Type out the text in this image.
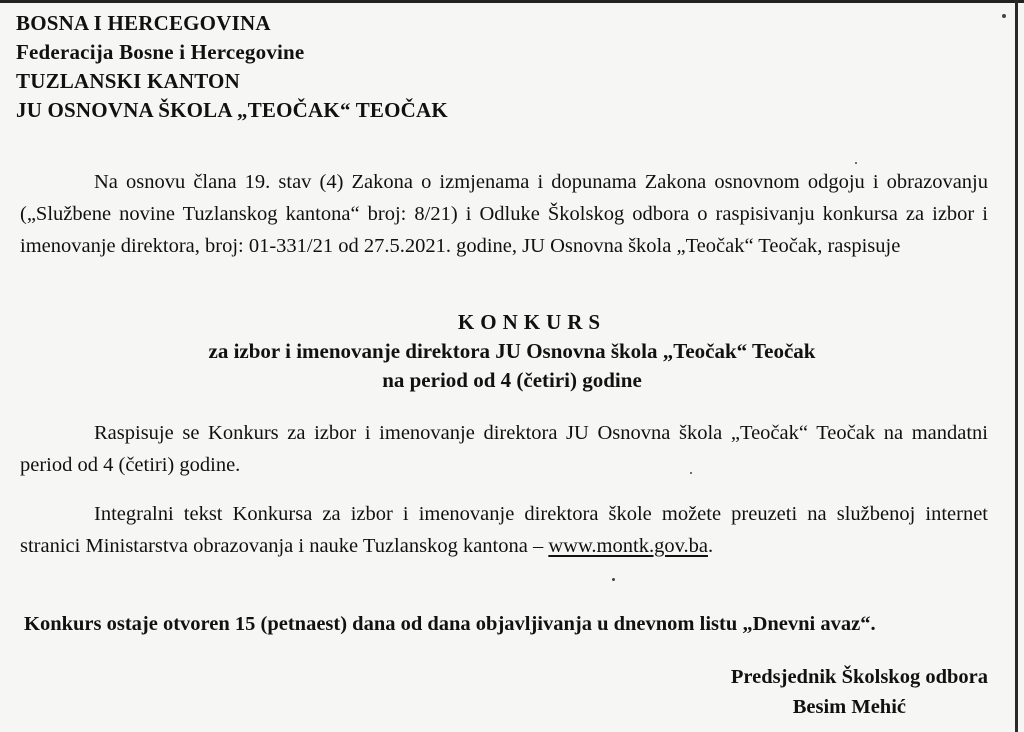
BOSNA I HERCEGOVINA
Federacija Bosne i Hercegovine
TUZLANSKI KANTON
JU OSNOVNA ŠKOLA „TEOČAK“ TEOČAK
Na osnovu člana 19. stav (4) Zakona o izmjenama i dopunama Zakona osnovnom odgoju i obrazovanju („Službene novine Tuzlanskog kantona“ broj: 8/21) i Odluke Školskog odbora o raspisivanju konkursa za izbor i imenovanje direktora, broj: 01-331/21 od 27.5.2021. godine, JU Osnovna škola „Teočak“ Teočak, raspisuje
KONKURS
za izbor i imenovanje direktora JU Osnovna škola „Teočak“ Teočak
na period od 4 (četiri) godine
Raspisuje se Konkurs za izbor i imenovanje direktora JU Osnovna škola „Teočak“ Teočak na mandatni period od 4 (četiri) godine.
Integralni tekst Konkursa za izbor i imenovanje direktora škole možete preuzeti na službenoj internet stranici Ministarstva obrazovanja i nauke Tuzlanskog kantona – www.montk.gov.ba.
Konkurs ostaje otvoren 15 (petnaest) dana od dana objavljivanja u dnevnom listu „Dnevni avaz“.
Predsjednik Školskog odbora
Besim Mehić
